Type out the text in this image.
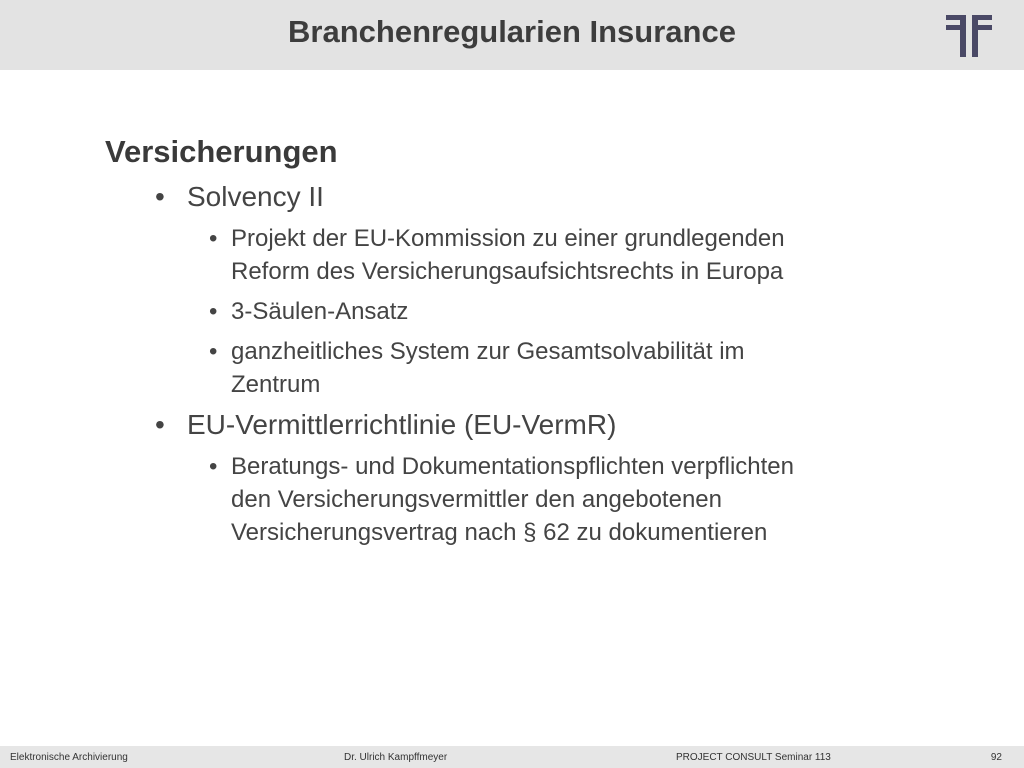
Branchenregularien Insurance
Versicherungen
• Solvency II
• Projekt der EU-Kommission zu einer grundlegenden
Reform des Versicherungsaufsichtsrechts in Europa
• 3-Säulen-Ansatz
• ganzheitliches System zur Gesamtsolvabilität im
Zentrum
• EU-Vermittlerrichtlinie (EU-VermR)
• Beratungs- und Dokumentationspflichten verpflichten
den Versicherungsvermittler den angebotenen
Versicherungsvertrag nach § 62 zu dokumentieren
Elektronische Archivierung	Dr. Ulrich Kampffmeyer	PROJECT CONSULT Seminar 113	92
